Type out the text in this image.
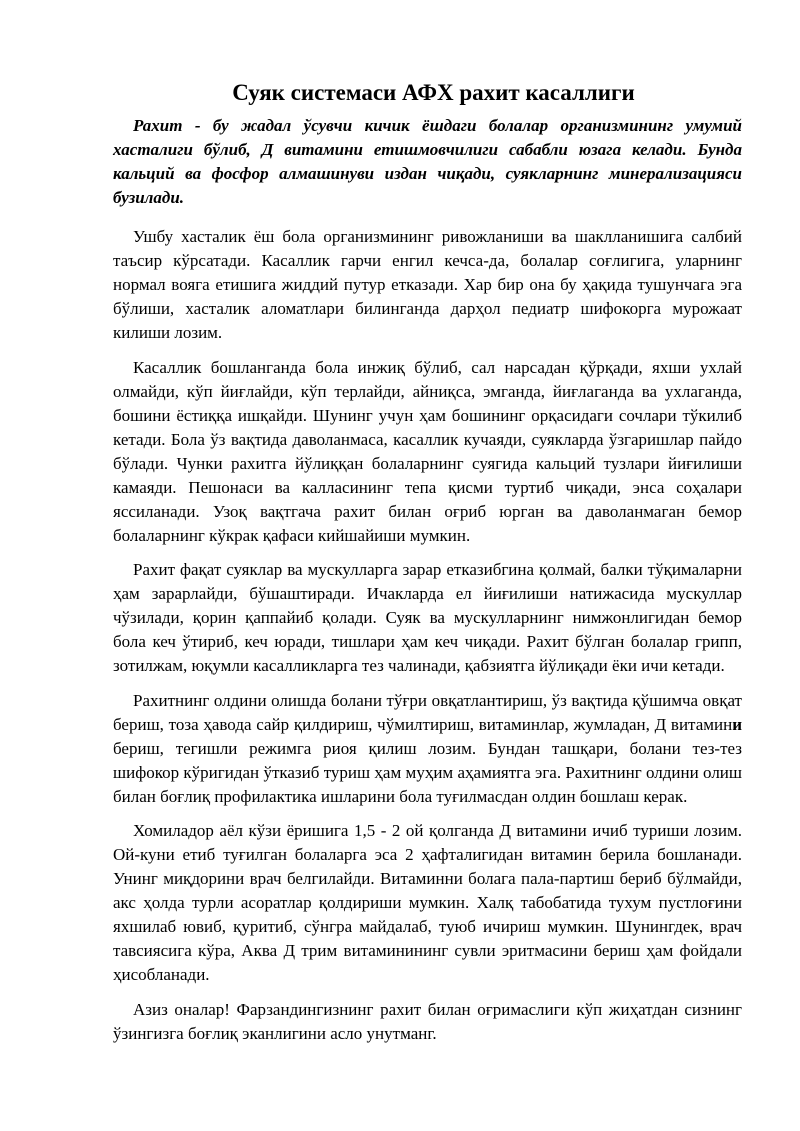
Суяк системаси АФХ рахит касаллиги

Рахит - бу жадал ўсувчи кичик ёшдаги болалар организмининг умумий хасталиги бўлиб, Д витамини етишмовчилиги сабабли юзага келади. Бунда кальций ва фосфор алмашинуви издан чиқади, суякларнинг минерализацияси бузилади.

Ушбу хасталик ёш бола организмининг ривожланиши ва шаклланишига салбий таъсир кўрсатади. Касаллик гарчи енгил кечса-да, болалар соғлигига, уларнинг нормал вояга етишига жиддий путур етказади. Хар бир она бу ҳақида тушунчага эга бўлиши, хасталик аломатлари билинганда дарҳол педиатр шифокорга мурожаат килиши лозим.

Касаллик бошланганда бола инжиқ бўлиб, сал нарсадан қўрқади, яхши ухлай олмайди, кўп йиғлайди, кўп терлайди, айниқса, эмганда, йиғлаганда ва ухлаганда, бошини ёстиққа ишқайди. Шунинг учун ҳам бошининг орқасидаги сочлари тўкилиб кетади. Бола ўз вақтида даволанмаса, касаллик кучаяди, суякларда ўзгаришлар пайдо бўлади. Чунки рахитга йўлиққан болаларнинг суягида кальций тузлари йиғилиши камаяди. Пешонаси ва калласининг тепа қисми туртиб чиқади, энса соҳалари яссиланади. Узоқ вақтгача рахит билан оғриб юрган ва даволанмаган бемор болаларнинг кўкрак қафаси кийшайиши мумкин.

Рахит фақат суяклар ва мускулларга зарар етказибгина қолмай, балки тўқималарни ҳам зарарлайди, бўшаштиради. Ичакларда ел йиғилиши натижасида мускуллар чўзилади, қорин қаппайиб қолади. Суяк ва мускулларнинг нимжонлигидан бемор бола кеч ўтириб, кеч юради, тишлари ҳам кеч чиқади. Рахит бўлган болалар грипп, зотилжам, юқумли касалликларга тез чалинади, қабзиятга йўлиқади ёки ичи кетади.

Рахитнинг олдини олишда болани тўғри овқатлантириш, ўз вақтида қўшимча овқат бериш, тоза ҳавода сайр қилдириш, чўмилтириш, витаминлар, жумладан, Д витамини бериш, тегишли режимга риоя қилиш лозим. Бундан ташқари, болани тез-тез шифокор кўригидан ўтказиб туриш ҳам муҳим аҳамиятга эга. Рахитнинг олдини олиш билан боғлиқ профилактика ишларини бола туғилмасдан олдин бошлаш керак.

Хомиладор аёл кўзи ёришига 1,5 - 2 ой қолганда Д витамини ичиб туриши лозим. Ой-куни етиб туғилган болаларга эса 2 ҳафталигидан витамин берила бошланади. Унинг миқдорини врач белгилайди. Витаминни болага пала-партиш бериб бўлмайди, акс ҳолда турли асоратлар қолдириши мумкин. Халқ табобатида тухум пустлоғини яхшилаб ювиб, қуритиб, сўнгра майдалаб, туюб ичириш мумкин. Шунингдек, врач тавсиясига кўра, Аква Д трим витаминининг сувли эритмасини бериш ҳам фойдали ҳисобланади.

Азиз оналар! Фарзандингизнинг рахит билан оғримаслиги кўп жиҳатдан сизнинг ўзингизга боғлиқ эканлигини асло унутманг.
